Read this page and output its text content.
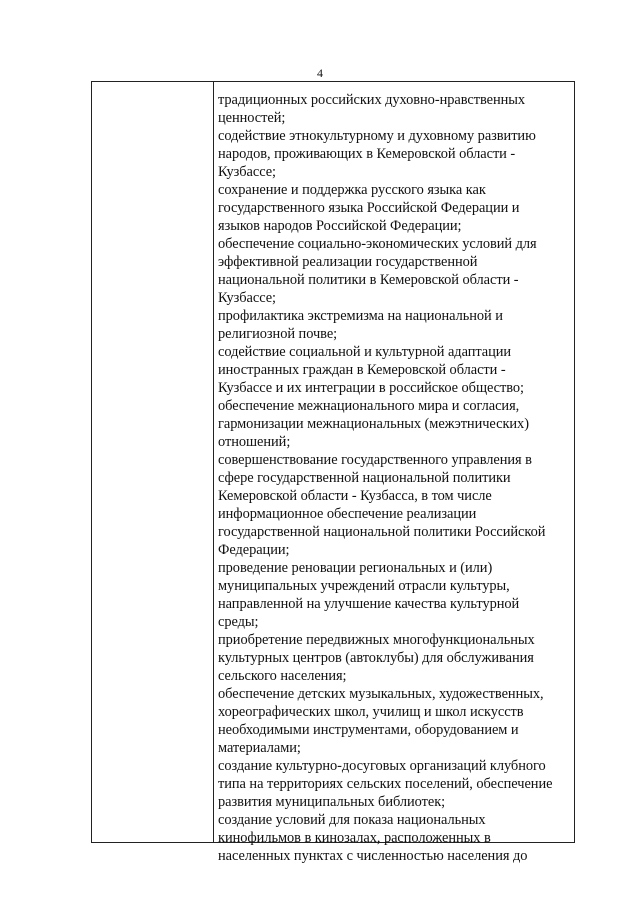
4
традиционных российских духовно-нравственных
ценностей;
содействие этнокультурному и духовному развитию
народов, проживающих в Кемеровской области -
Кузбассе;
сохранение и поддержка русского языка как
государственного языка Российской Федерации и
языков народов Российской Федерации;
обеспечение социально-экономических условий для
эффективной реализации государственной
национальной политики в Кемеровской области -
Кузбассе;
профилактика экстремизма на национальной и
религиозной почве;
содействие социальной и культурной адаптации
иностранных граждан в Кемеровской области -
Кузбассе и их интеграции в российское общество;
обеспечение межнационального мира и согласия,
гармонизации межнациональных (межэтнических)
отношений;
совершенствование государственного управления в
сфере государственной национальной политики
Кемеровской области - Кузбасса, в том числе
информационное обеспечение реализации
государственной национальной политики Российской
Федерации;
проведение реновации региональных и (или)
муниципальных учреждений отрасли культуры,
направленной на улучшение качества культурной
среды;
приобретение передвижных многофункциональных
культурных центров (автоклубы) для обслуживания
сельского населения;
обеспечение детских музыкальных, художественных,
хореографических школ, училищ и школ искусств
необходимыми инструментами, оборудованием и
материалами;
создание культурно-досуговых организаций клубного
типа на территориях сельских поселений, обеспечение
развития муниципальных библиотек;
создание условий для показа национальных
кинофильмов в кинозалах, расположенных в
населенных пунктах с численностью населения до
